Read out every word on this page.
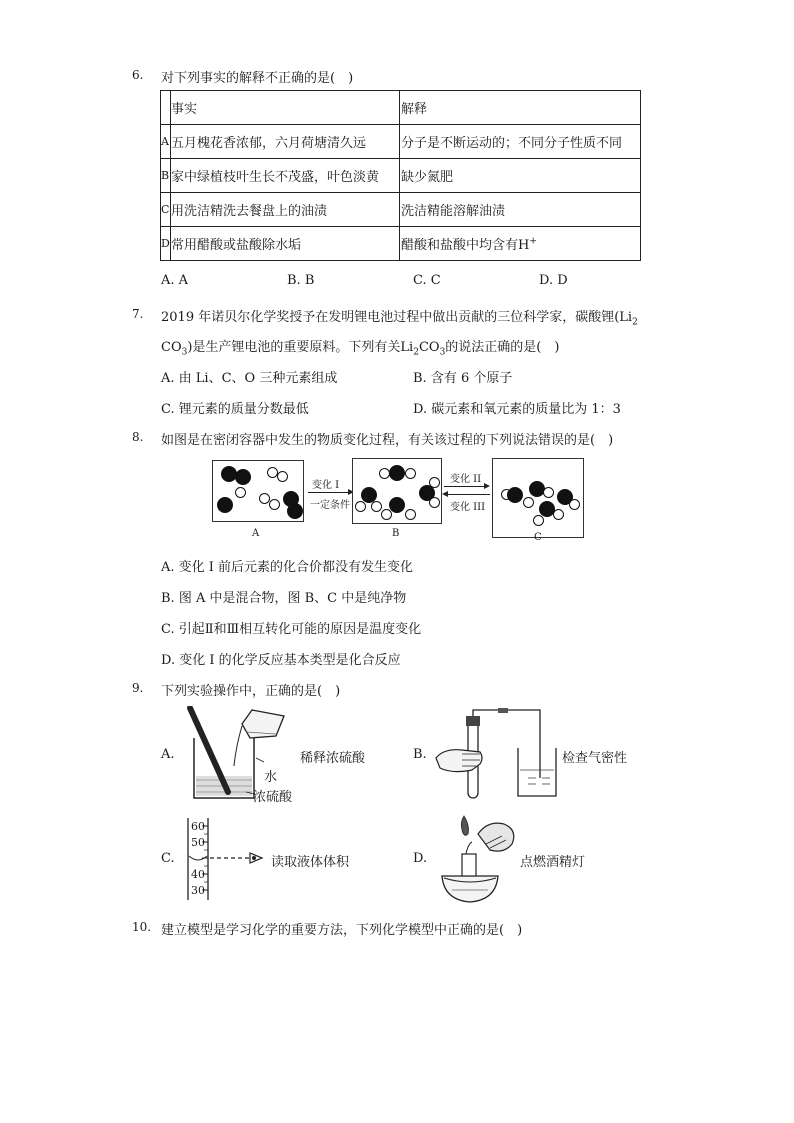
6. 对下列事实的解释不正确的是(　)
	事实	解释
A	五月槐花香浓郁，六月荷塘清久远	分子是不断运动的；不同分子性质不同
B	家中绿植枝叶生长不茂盛，叶色淡黄	缺少氮肥
C	用洗洁精洗去餐盘上的油渍	洗洁精能溶解油渍
D	常用醋酸或盐酸除水垢	醋酸和盐酸中均含有H+
A. A	B. B	C. C	D. D
7. 2019 年诺贝尔化学奖授予在发明锂电池过程中做出贡献的三位科学家，碳酸锂($Li_2$
$CO_3$)是生产锂电池的重要原料。下列有关$Li_2CO_3$的说法正确的是(　)
A. 由 Li、C、O 三种元素组成	B. 含有 6 个原子
C. 锂元素的质量分数最低	D. 碳元素和氧元素的质量比为 1：3
8. 如图是在密闭容器中发生的物质变化过程，有关该过程的下列说法错误的是(　)
A
变化 I
一定条件
B
变化 II
变化 III
C
A. 变化 I 前后元素的化合价都没有发生变化
B. 图 A 中是混合物，图 B、C 中是纯净物
C. 引起Ⅱ和Ⅲ相互转化可能的原因是温度变化
D. 变化 I 的化学反应基本类型是化合反应
9. 下列实验操作中，正确的是(　)
A.
水
浓硫酸
稀释浓硫酸	B.	检查气密性
C.
60
50
40
30
读取液体体积	D.	点燃酒精灯
10. 建立模型是学习化学的重要方法，下列化学模型中正确的是(　)
